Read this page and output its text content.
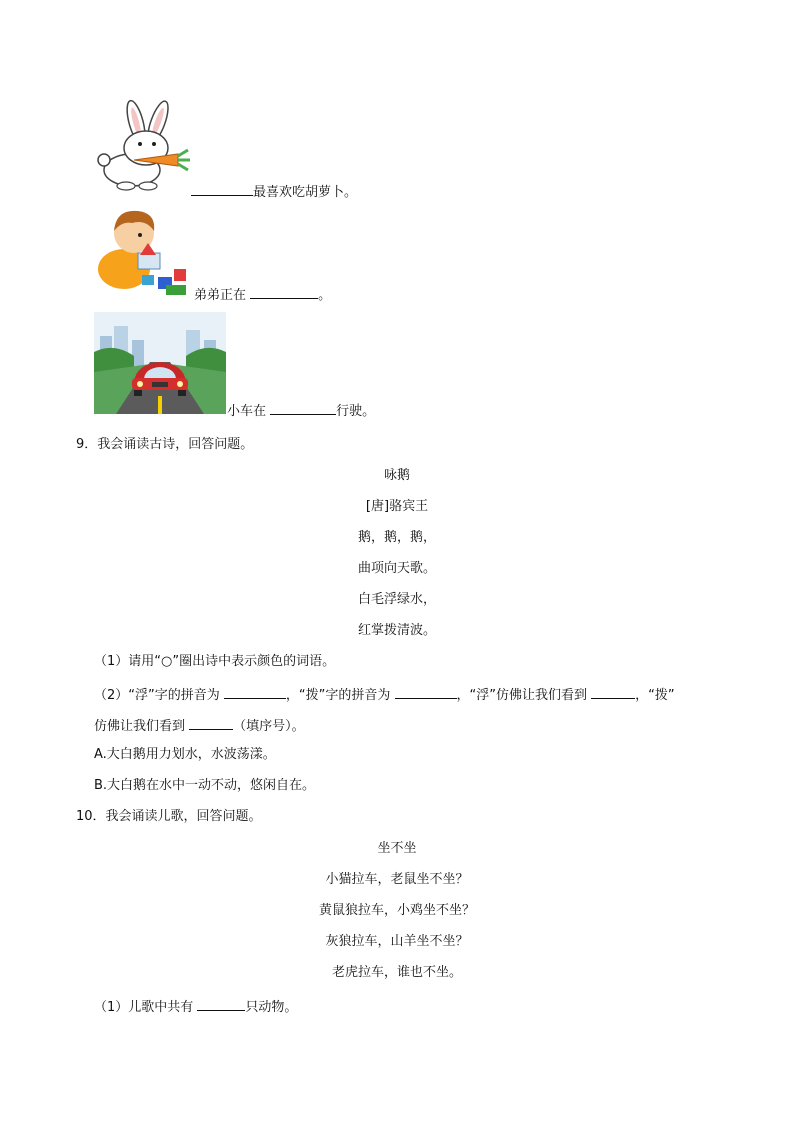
最喜欢吃胡萝卜。
弟弟正在	。
小车在	行驶。
9．我会诵读古诗，回答问题。
咏鹅
[唐]骆宾王
鹅，鹅，鹅，
曲项向天歌。
白毛浮绿水，
红掌拨清波。
（1）请用“○”圈出诗中表示颜色的词语。
（2）“浮”字的拼音为	，“拨”字的拼音为	，“浮”仿佛让我们看到	，“拨”
仿佛让我们看到	（填序号）。
A.大白鹅用力划水，水波荡漾。
B.大白鹅在水中一动不动，悠闲自在。
10．我会诵读儿歌，回答问题。
坐不坐
小猫拉车，老鼠坐不坐？
黄鼠狼拉车，小鸡坐不坐？
灰狼拉车，山羊坐不坐？
老虎拉车，谁也不坐。
（1）儿歌中共有	只动物。
